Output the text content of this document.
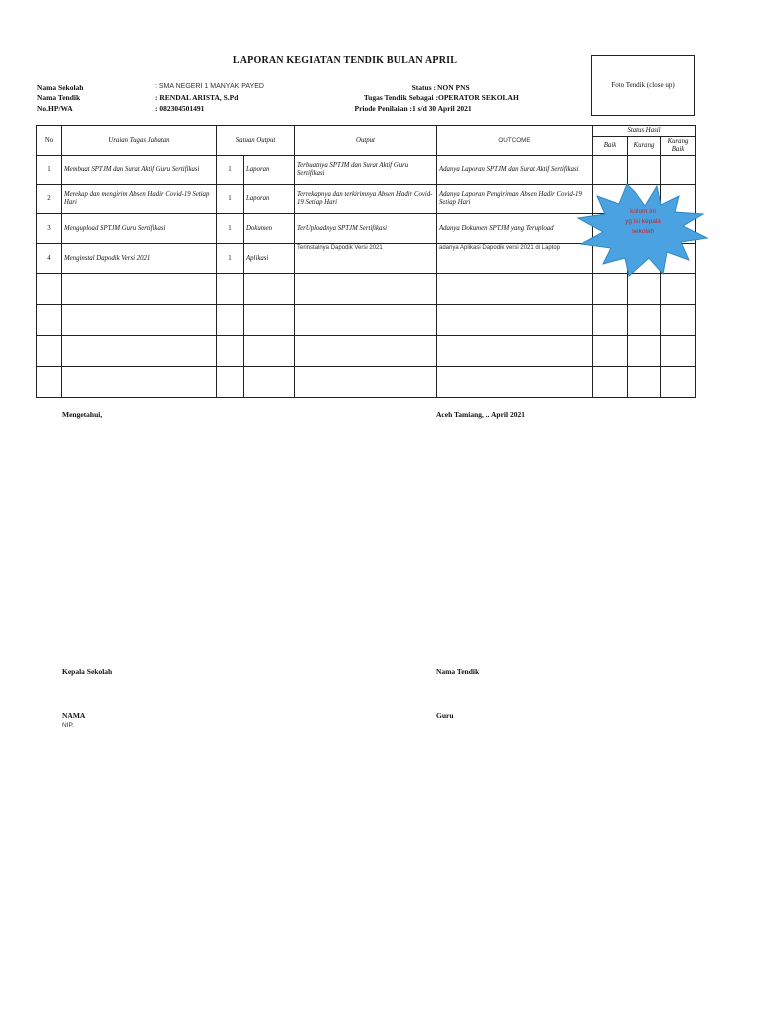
LAPORAN KEGIATAN TENDIK BULAN APRIL
Foto Tendik (close up)
Nama Sekolah	: SMA NEGERI 1 MANYAK PAYED
Nama Tendik	: RENDAL ARISTA, S.Pd
No.HP/WA	: 082304501491
Status : NON PNS
Tugas Tendik Sebagai : OPERATOR SEKOLAH
Priode Penilaian : 1 s/d 30 April 2021
No	Uraian Tugas Jabatan	Satuan Output		Output	OUTCOME	Status Hasil		
						Baik	Kurang	Kurang Baik
1	Membuat SPTJM dan Surat Aktif Guru Sertifikasi	1	Laporan	Terbuatnya SPTJM dan Surat Aktif Guru Sertifikasi	Adanya Laporan SPTJM dan Surat Aktif Sertifikasi			
2	Merekap dan mengirim Absen Hadir Covid-19 Setiap Hari	1	Laporan	Terrekapnya dan terkirimnya Absen Hadir Covid-19 Setiap Hari	Adanya Laporan Pengiriman Absen Hadir Covid-19 Setiap Hari			
3	Mengupload SPTJM Guru Sertifikasi	1	Dokumen	TerUploadnya SPTJM Sertifikasi	Adanya Dokumen SPTJM yang Terupload			
4	Menginstal Dapodik Versi 2021	1	Aplikasi	Terinstalnya Dapodik Versi 2021	adanya Aplikasi Dapodik versi 2021 di Laptop			

kolom ini
yg isi kepala
sekolah
Mengetahui,	Aceh Tamiang, .. April 2021
Kepala Sekolah	Nama Tendik
NAMA
NIP.
Guru
